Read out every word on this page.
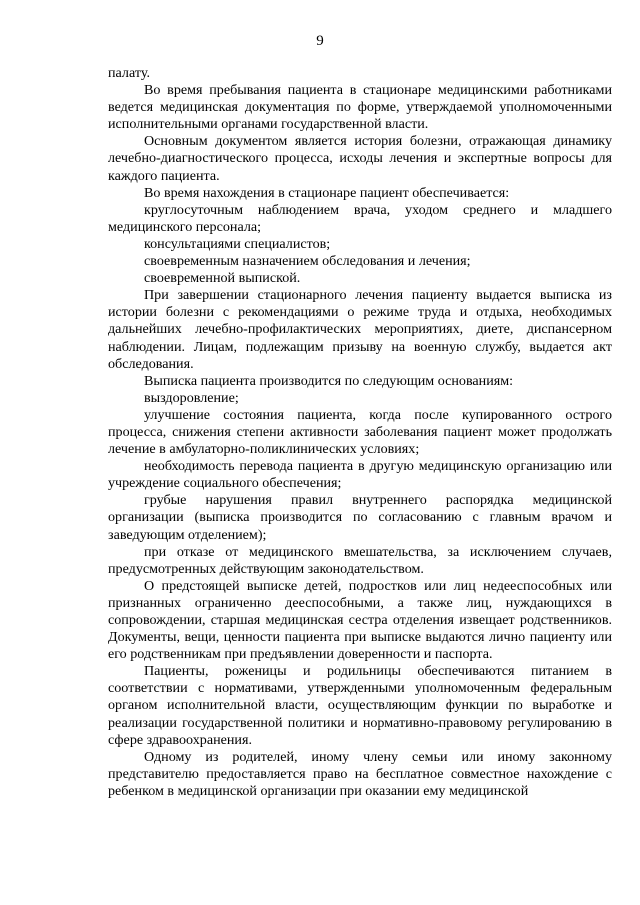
9

палату.

Во время пребывания пациента в стационаре медицинскими работниками ведется медицинская документация по форме, утверждаемой уполномоченными исполнительными органами государственной власти.

Основным документом является история болезни, отражающая динамику лечебно-диагностического процесса, исходы лечения и экспертные вопросы для каждого пациента.

Во время нахождения в стационаре пациент обеспечивается:

круглосуточным наблюдением врача, уходом среднего и младшего медицинского персонала;

консультациями специалистов;

своевременным назначением обследования и лечения;

своевременной выпиской.

При завершении стационарного лечения пациенту выдается выписка из истории болезни с рекомендациями о режиме труда и отдыха, необходимых дальнейших лечебно-профилактических мероприятиях, диете, диспансерном наблюдении. Лицам, подлежащим призыву на военную службу, выдается акт обследования.

Выписка пациента производится по следующим основаниям:

выздоровление;

улучшение состояния пациента, когда после купированного острого процесса, снижения степени активности заболевания пациент может продолжать лечение в амбулаторно-поликлинических условиях;

необходимость перевода пациента в другую медицинскую организацию или учреждение социального обеспечения;

грубые нарушения правил внутреннего распорядка медицинской организации (выписка производится по согласованию с главным врачом и заведующим отделением);

при отказе от медицинского вмешательства, за исключением случаев, предусмотренных действующим законодательством.

О предстоящей выписке детей, подростков или лиц недееспособных или признанных ограниченно дееспособными, а также лиц, нуждающихся в сопровождении, старшая медицинская сестра отделения извещает родственников. Документы, вещи, ценности пациента при выписке выдаются лично пациенту или его родственникам при предъявлении доверенности и паспорта.

Пациенты, роженицы и родильницы обеспечиваются питанием в соответствии с нормативами, утвержденными уполномоченным федеральным органом исполнительной власти, осуществляющим функции по выработке и реализации государственной политики и нормативно-правовому регулированию в сфере здравоохранения.

Одному из родителей, иному члену семьи или иному законному представителю предоставляется право на бесплатное совместное нахождение с ребенком в медицинской организации при оказании ему медицинской
